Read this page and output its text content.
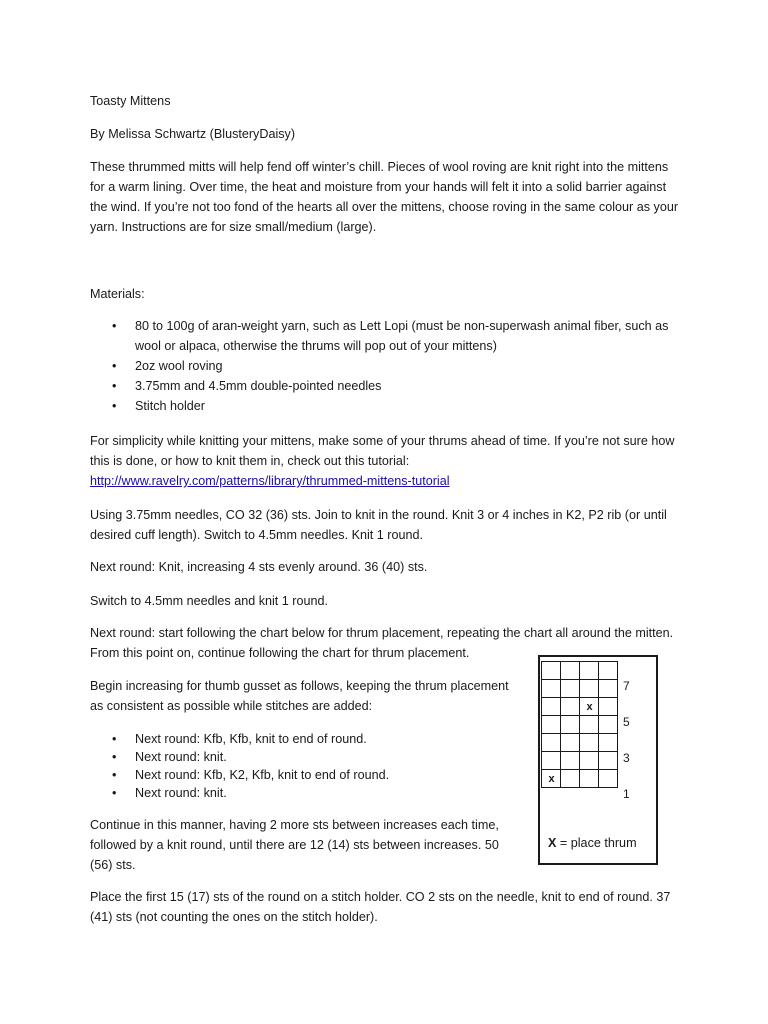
Toasty Mittens

By Melissa Schwartz (BlusteryDaisy)

These thrummed mitts will help fend off winter’s chill. Pieces of wool roving are knit right into the mittens for a warm lining. Over time, the heat and moisture from your hands will felt it into a solid barrier against the wind. If you’re not too fond of the hearts all over the mittens, choose roving in the same colour as your yarn. Instructions are for size small/medium (large).

Materials:

• 80 to 100g of aran-weight yarn, such as Lett Lopi (must be non-superwash animal fiber, such as wool or alpaca, otherwise the thrums will pop out of your mittens)
• 2oz wool roving
• 3.75mm and 4.5mm double-pointed needles
• Stitch holder

For simplicity while knitting your mittens, make some of your thrums ahead of time. If you’re not sure how this is done, or how to knit them in, check out this tutorial:
http://www.ravelry.com/patterns/library/thrummed-mittens-tutorial

Using 3.75mm needles, CO 32 (36) sts. Join to knit in the round. Knit 3 or 4 inches in K2, P2 rib (or until desired cuff length). Switch to 4.5mm needles. Knit 1 round.

Next round: Knit, increasing 4 sts evenly around. 36 (40) sts.

Switch to 4.5mm needles and knit 1 round.

Next round: start following the chart below for thrum placement, repeating the chart all around the mitten. From this point on, continue following the chart for thrum placement.

Begin increasing for thumb gusset as follows, keeping the thrum placement as consistent as possible while stitches are added:

• Next round: Kfb, Kfb, knit to end of round.
• Next round: knit.
• Next round: Kfb, K2, Kfb, knit to end of round.
• Next round: knit.

Continue in this manner, having 2 more sts between increases each time, followed by a knit round, until there are 12 (14) sts between increases. 50 (56) sts.

Place the first 15 (17) sts of the round on a stitch holder. CO 2 sts on the needle, knit to end of round. 37 (41) sts (not counting the ones on the stitch holder).

x
x
7
5
3
1
X = place thrum
